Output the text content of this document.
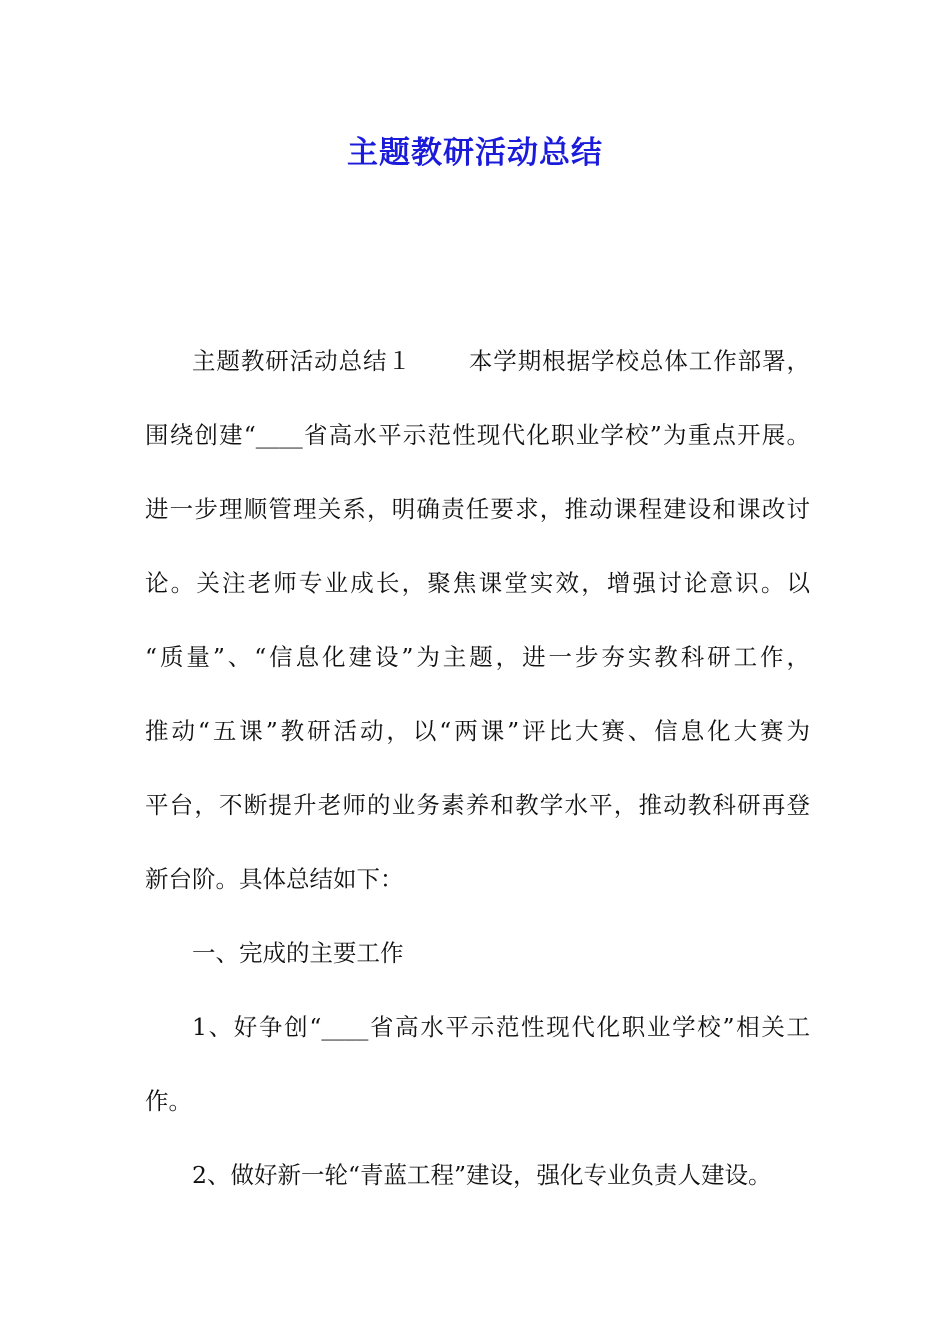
主题教研活动总结
主题教研活动总结１ 本学期根据学校总体工作部署，
围绕创建“____省高水平示范性现代化职业学校”为重点开展。
进一步理顺管理关系，明确责任要求，推动课程建设和课改讨
论。关注老师专业成长，聚焦课堂实效，增强讨论意识。以
“质量”、“信息化建设”为主题，进一步夯实教科研工作，
推动“五课”教研活动，以“两课”评比大赛、信息化大赛为
平台，不断提升老师的业务素养和教学水平，推动教科研再登
新台阶。具体总结如下：
一、完成的主要工作
1、好争创“____省高水平示范性现代化职业学校”相关工
作。
2、做好新一轮“青蓝工程”建设，强化专业负责人建设。
